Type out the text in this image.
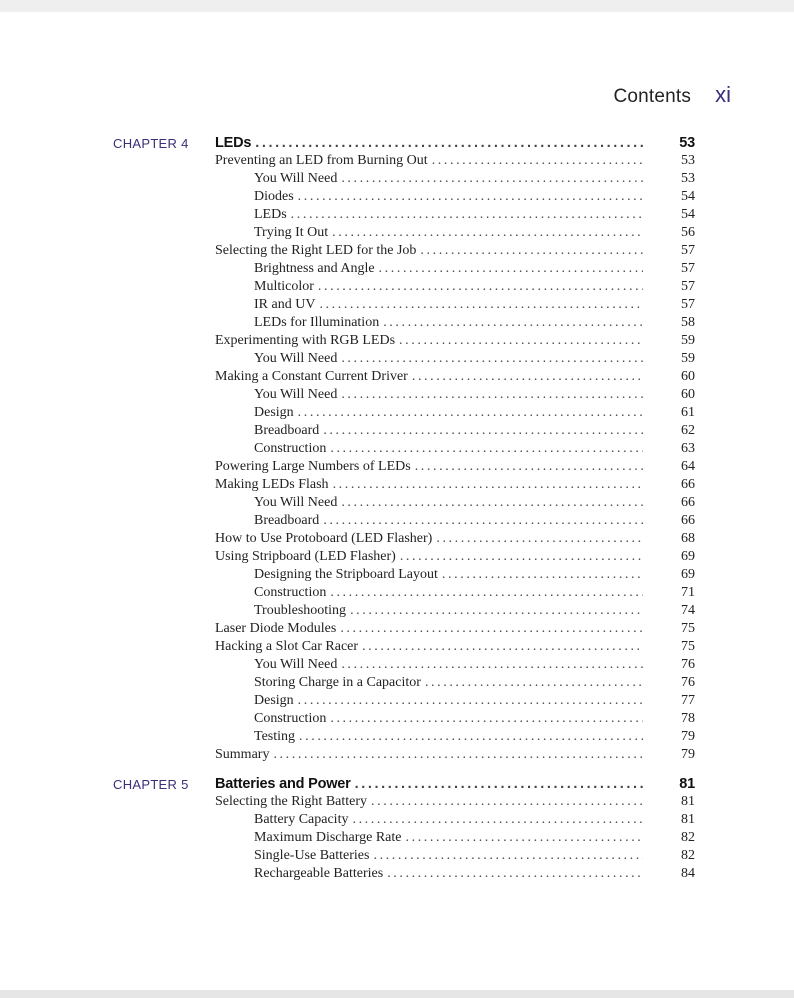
Contents xi
CHAPTER 4 LEDs .....	53
Preventing an LED from Burning Out .....	53
You Will Need .....	53
Diodes .....	54
LEDs .....	54
Trying It Out .....	56
Selecting the Right LED for the Job .....	57
Brightness and Angle .....	57
Multicolor .....	57
IR and UV .....	57
LEDs for Illumination .....	58
Experimenting with RGB LEDs .....	59
You Will Need .....	59
Making a Constant Current Driver .....	60
You Will Need .....	60
Design .....	61
Breadboard .....	62
Construction .....	63
Powering Large Numbers of LEDs .....	64
Making LEDs Flash .....	66
You Will Need .....	66
Breadboard .....	66
How to Use Protoboard (LED Flasher) .....	68
Using Stripboard (LED Flasher) .....	69
Designing the Stripboard Layout .....	69
Construction .....	71
Troubleshooting .....	74
Laser Diode Modules .....	75
Hacking a Slot Car Racer .....	75
You Will Need .....	76
Storing Charge in a Capacitor .....	76
Design .....	77
Construction .....	78
Testing .....	79
Summary .....	79
CHAPTER 5 Batteries and Power .....	81
Selecting the Right Battery .....	81
Battery Capacity .....	81
Maximum Discharge Rate .....	82
Single-Use Batteries .....	82
Rechargeable Batteries .....	84
